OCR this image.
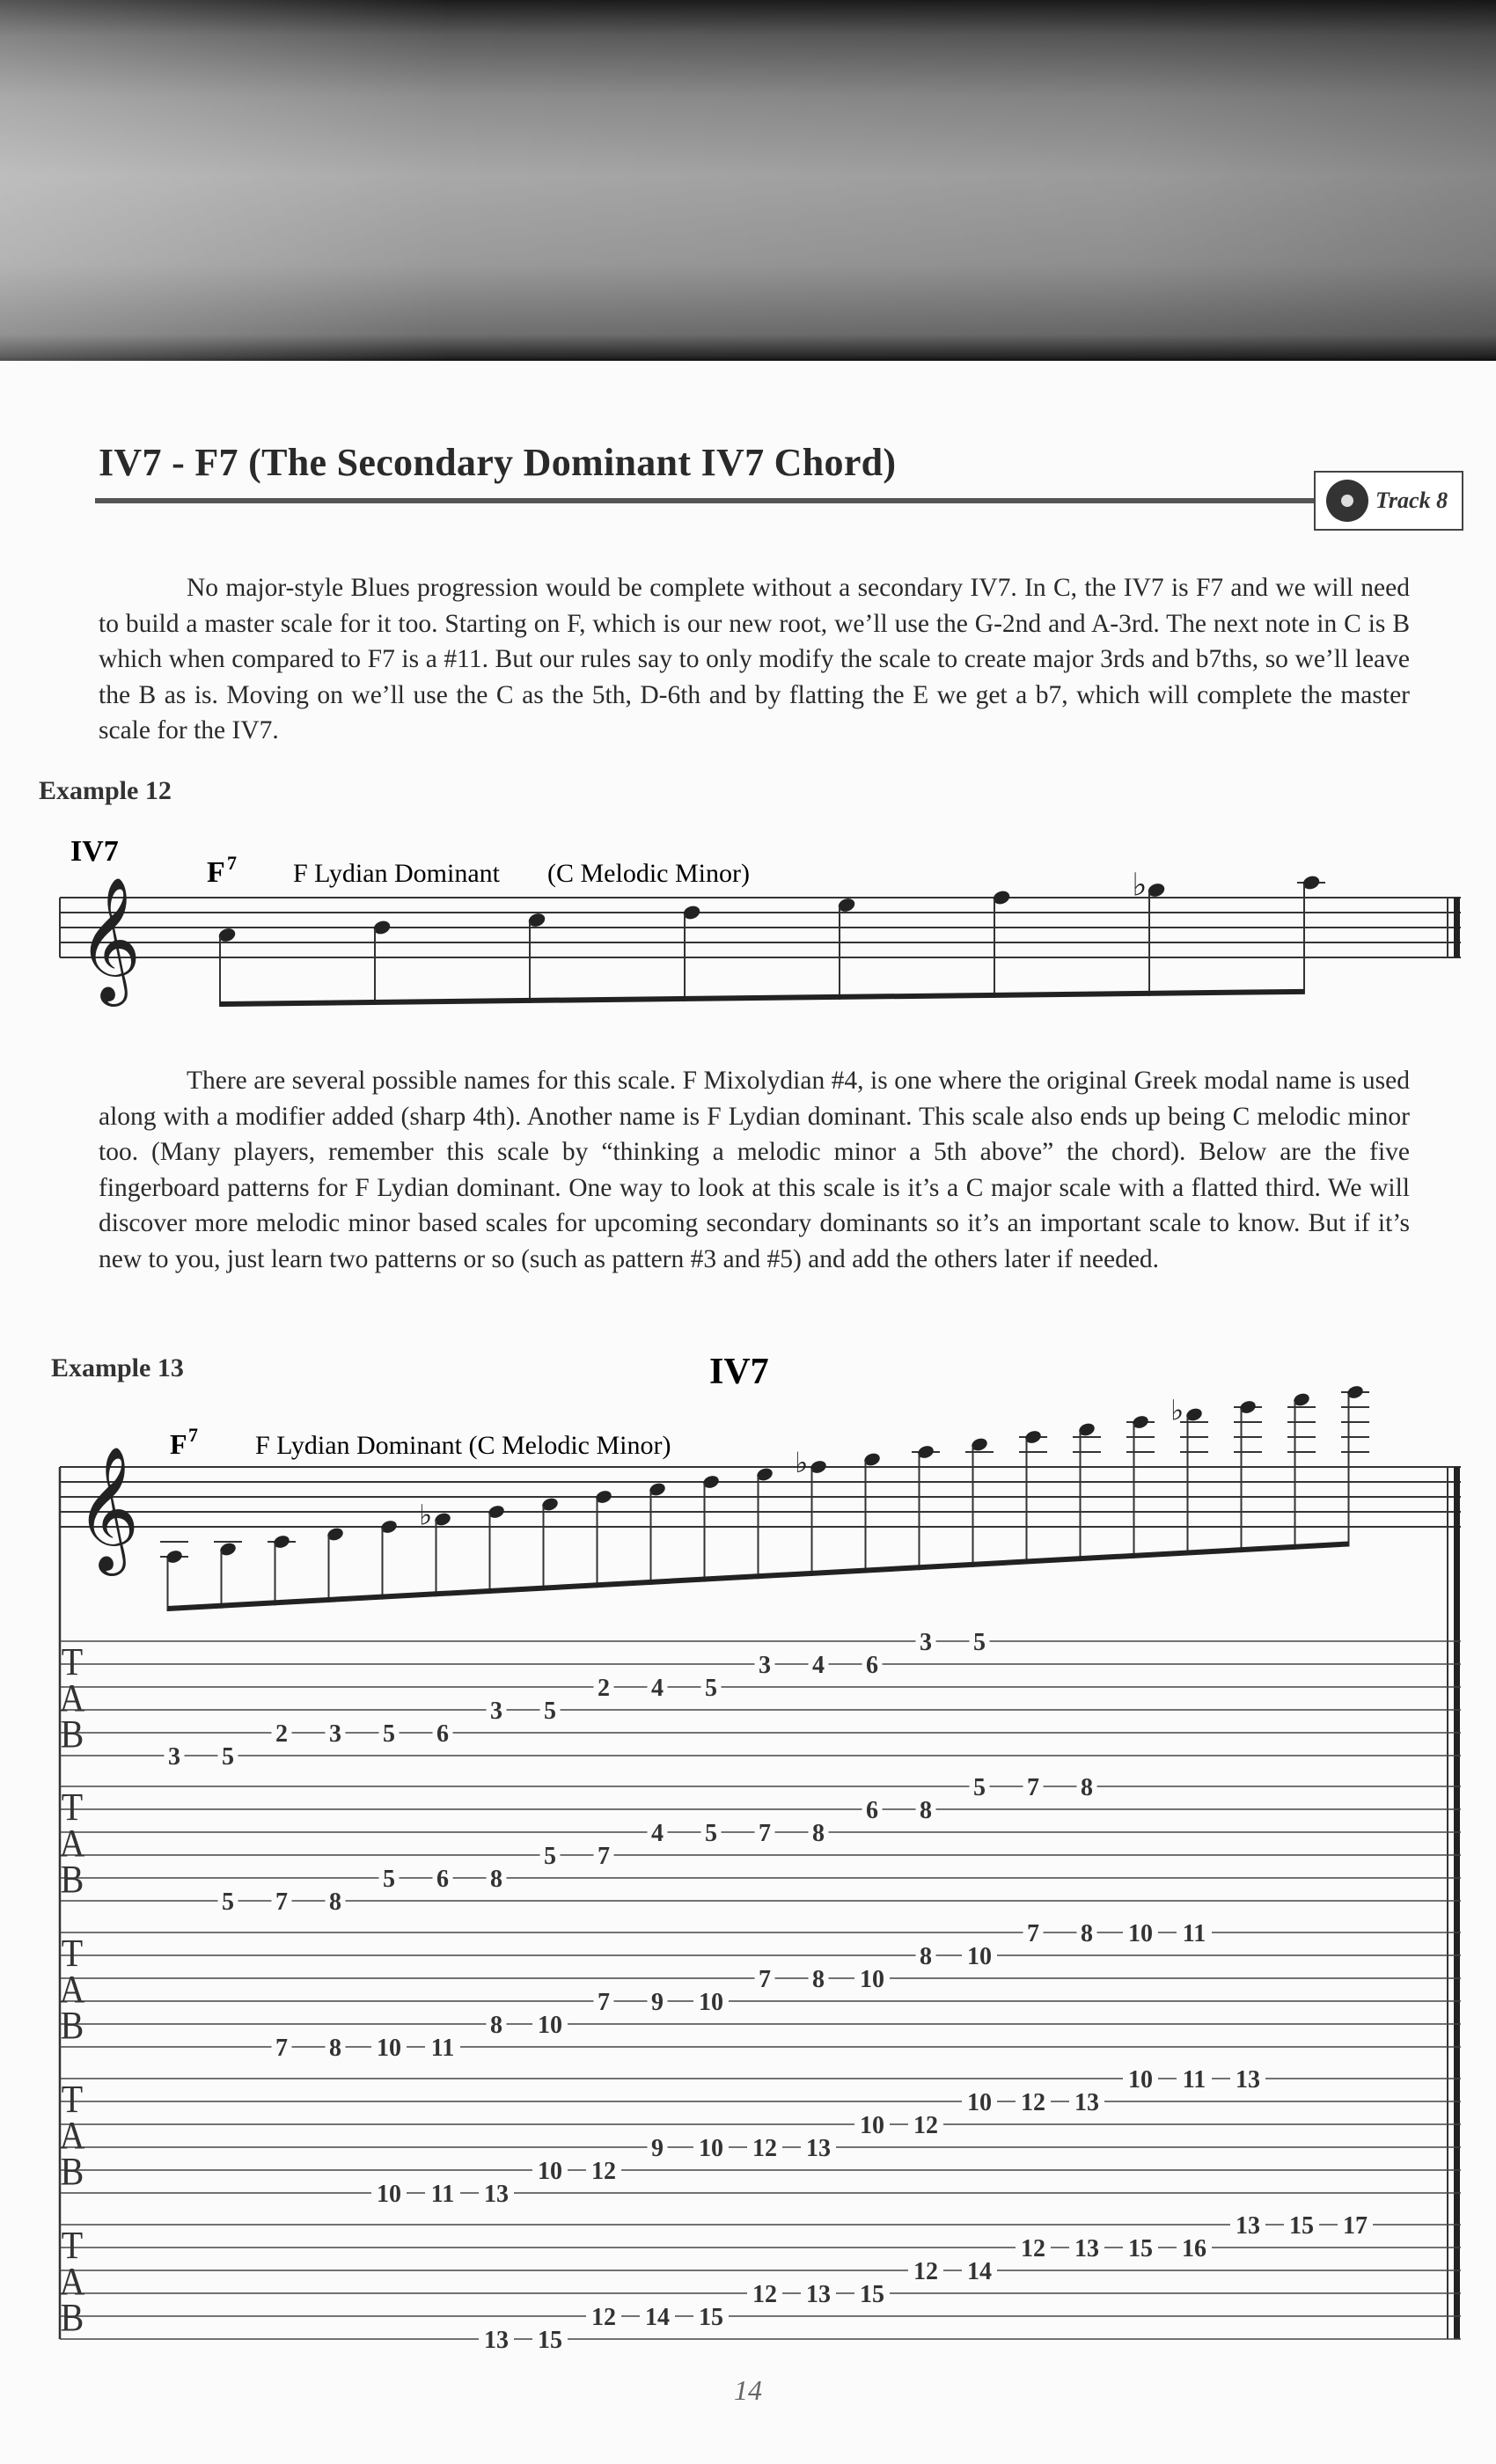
IV7 - F7 (The Secondary Dominant IV7 Chord)
Track 8

No major-style Blues progression would be complete without a secondary IV7. In C, the IV7 is F7 and we will need to build a master scale for it too. Starting on F, which is our new root, we’ll use the G-2nd and A-3rd. The next note in C is B which when compared to F7 is a #11. But our rules say to only modify the scale to create major 3rds and b7ths, so we’ll leave the B as is. Moving on we’ll use the C as the 5th, D-6th and by flatting the E we get a b7, which will complete the master scale for the IV7.

Example 12
IV7
F 7 F Lydian Dominant (C Melodic Minor)
𝄞	♭

There are several possible names for this scale. F Mixolydian #4, is one where the original Greek modal name is used along with a modifier added (sharp 4th). Another name is F Lydian dominant. This scale also ends up being C melodic minor too. (Many players, remember this scale by “thinking a melodic minor a 5th above” the chord). Below are the five fingerboard patterns for F Lydian dominant. One way to look at this scale is it’s a C major scale with a flatted third. We will discover more melodic minor based scales for upcoming secondary dominants so it’s an important scale to know. But if it’s new to you, just learn two patterns or so (such as pattern #3 and #5) and add the others later if needed.

Example 13	IV7
F 7 F Lydian Dominant (C Melodic Minor)
𝄞	♭
♭
♭
T
A
B
3 5
2 3 5 6
3 5
2 4 5
3 4 6
3 5
T
A
B
5 7 8
5 6 8
5 7
4 5 7 8
6 8
5 7 8
T
A
B
7 8 10 11
8 10
7 9 10
7 8 10
8 10
7 8 10 11
T
A
B
10 11 13
10 12
9 10 12 13
10 12
10 12 13
10 11 13
T
A
B
13 15
12 14 15
12 13 15
12 14
12 13 15 16
13 15 17
14
